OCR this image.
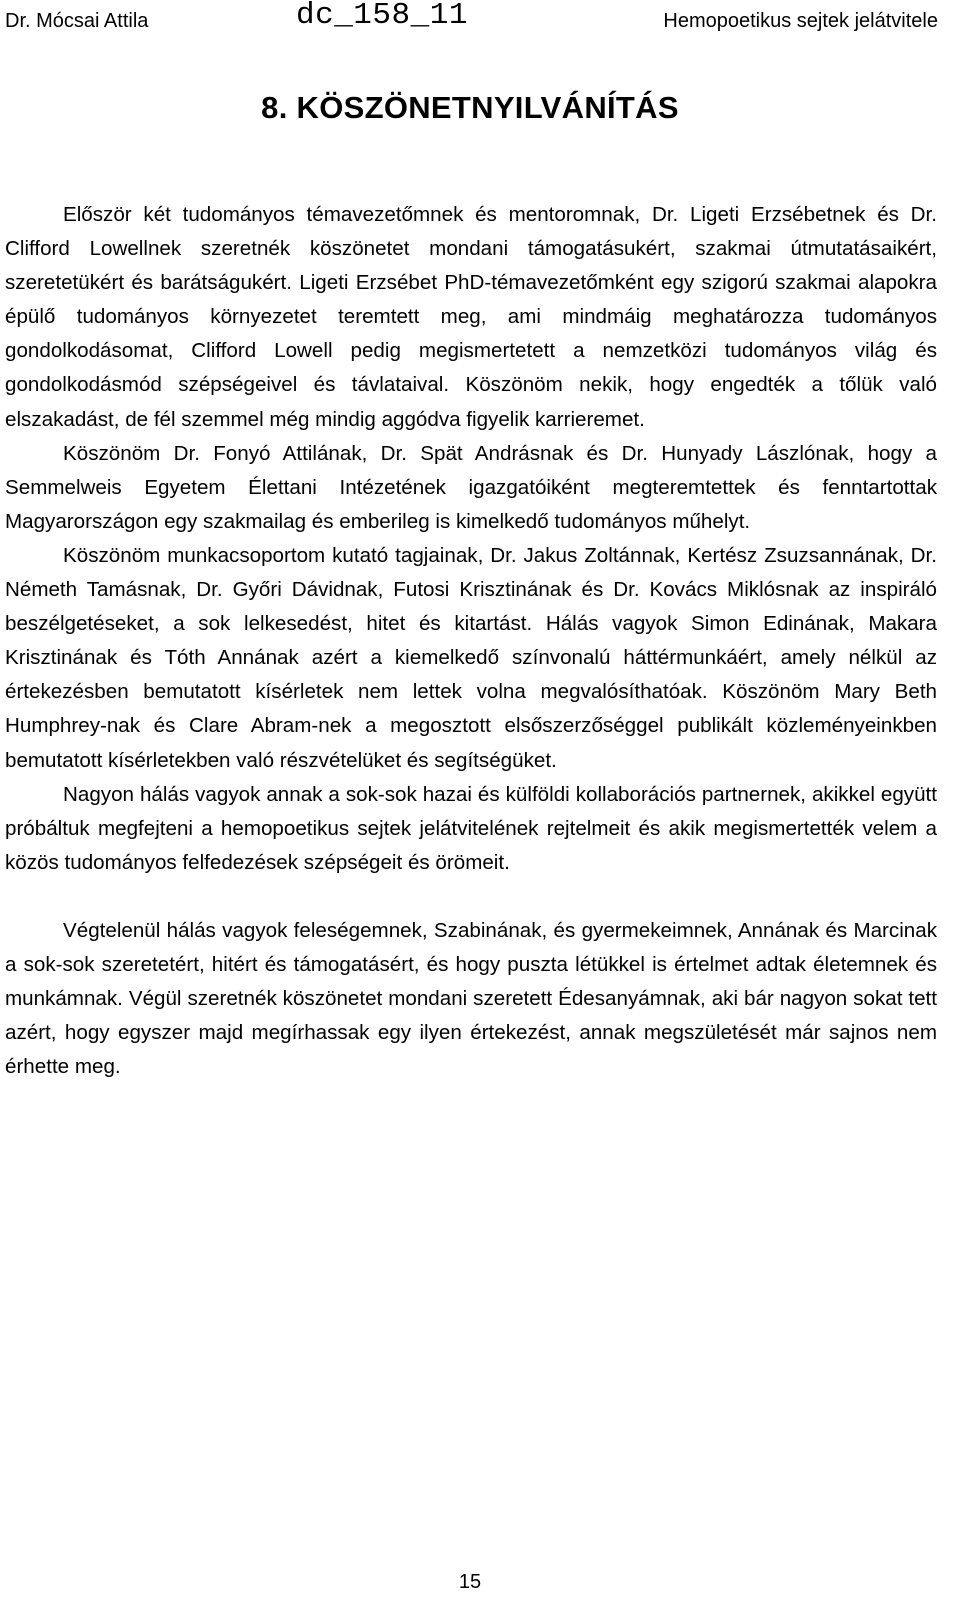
Dr. Mócsai Attila	dc_158_11	Hemopoetikus sejtek jelátvitele
8. KÖSZÖNETNYILVÁNÍTÁS

Először két tudományos témavezetőmnek és mentoromnak, Dr. Ligeti Erzsébetnek és Dr. Clifford Lowellnek szeretnék köszönetet mondani támogatásukért, szakmai útmutatásaikért, szeretetükért és barátságukért. Ligeti Erzsébet PhD-témavezetőmként egy szigorú szakmai alapokra épülő tudományos környezetet teremtett meg, ami mindmáig meghatározza tudományos gondolkodásomat, Clifford Lowell pedig megismertetett a nemzetközi tudományos világ és gondolkodásmód szépségeivel és távlataival. Köszönöm nekik, hogy engedték a tőlük való elszakadást, de fél szemmel még mindig aggódva figyelik karrieremet.

Köszönöm Dr. Fonyó Attilának, Dr. Spät Andrásnak és Dr. Hunyady Lászlónak, hogy a Semmelweis Egyetem Élettani Intézetének igazgatóiként megteremtettek és fenntartottak Magyarországon egy szakmailag és emberileg is kimelkedő tudományos műhelyt.

Köszönöm munkacsoportom kutató tagjainak, Dr. Jakus Zoltánnak, Kertész Zsuzsannának, Dr. Németh Tamásnak, Dr. Győri Dávidnak, Futosi Krisztinának és Dr. Kovács Miklósnak az inspiráló beszélgetéseket, a sok lelkesedést, hitet és kitartást. Hálás vagyok Simon Edinának, Makara Krisztinának és Tóth Annának azért a kiemelkedő színvonalú háttérmunkáért, amely nélkül az értekezésben bemutatott kísérletek nem lettek volna megvalósíthatóak. Köszönöm Mary Beth Humphrey-nak és Clare Abram-nek a megosztott elsőszerzőséggel publikált közleményeinkben bemutatott kísérletekben való részvételüket és segítségüket.

Nagyon hálás vagyok annak a sok-sok hazai és külföldi kollaborációs partnernek, akikkel együtt próbáltuk megfejteni a hemopoetikus sejtek jelátvitelének rejtelmeit és akik megismertették velem a közös tudományos felfedezések szépségeit és örömeit.

Végtelenül hálás vagyok feleségemnek, Szabinának, és gyermekeimnek, Annának és Marcinak a sok-sok szeretetért, hitért és támogatásért, és hogy puszta létükkel is értelmet adtak életemnek és munkámnak. Végül szeretnék köszönetet mondani szeretett Édesanyámnak, aki bár nagyon sokat tett azért, hogy egyszer majd megírhassak egy ilyen értekezést, annak megszületését már sajnos nem érhette meg.

15
